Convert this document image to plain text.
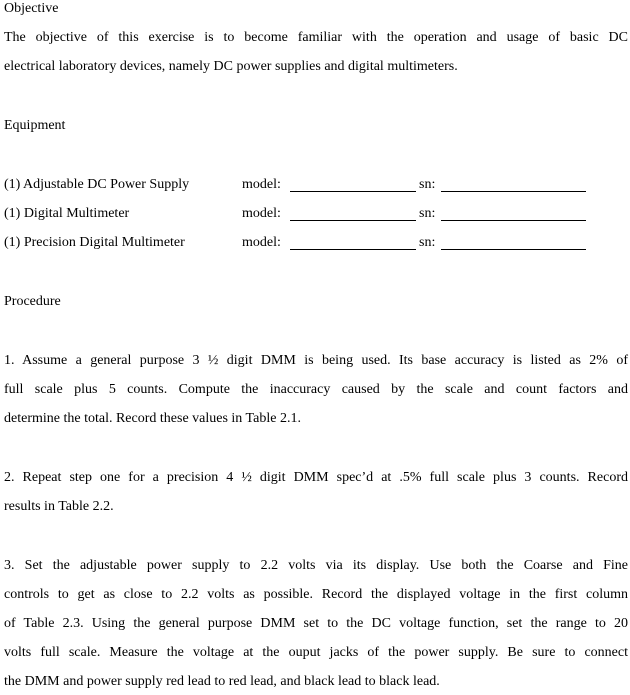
Objective
The objective of this exercise is to become familiar with the operation and usage of basic DC
electrical laboratory devices, namely DC power supplies and digital multimeters.
Equipment
(1) Adjustable DC Power Supply	model:	sn:
(1) Digital Multimeter	model:	sn:
(1) Precision Digital Multimeter	model:	sn:
Procedure
1. Assume a general purpose 3 ½ digit DMM is being used. Its base accuracy is listed as 2% of
full scale plus 5 counts. Compute the inaccuracy caused by the scale and count factors and
determine the total. Record these values in Table 2.1.
2. Repeat step one for a precision 4 ½ digit DMM spec’d at .5% full scale plus 3 counts. Record
results in Table 2.2.
3. Set the adjustable power supply to 2.2 volts via its display. Use both the Coarse and Fine
controls to get as close to 2.2 volts as possible. Record the displayed voltage in the first column
of Table 2.3. Using the general purpose DMM set to the DC voltage function, set the range to 20
volts full scale. Measure the voltage at the ouput jacks of the power supply. Be sure to connect
the DMM and power supply red lead to red lead, and black lead to black lead.
